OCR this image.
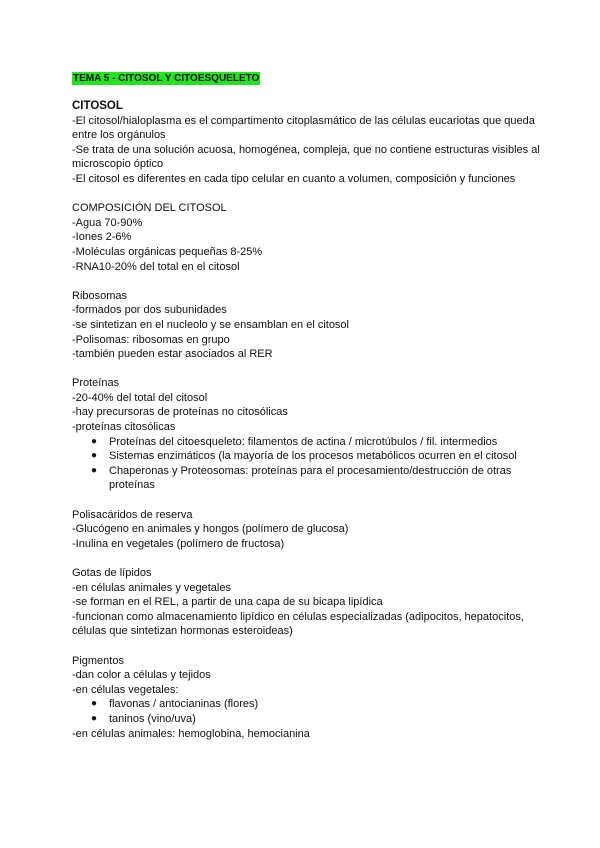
TEMA 5 - CITOSOL Y CITOESQUELETO
CITOSOL
-El citosol/hialoplasma es el compartimento citoplasmático de las células eucariotas que queda entre los orgánulos
-Se trata de una solución acuosa, homogénea, compleja, que no contiene estructuras visibles al microscopio óptico
-El citosol es diferentes en cada tipo celular en cuanto a volumen, composición y funciones
COMPOSICIÓN DEL CITOSOL
-Agua 70-90%
-Iones 2-6%
-Moléculas orgánicas pequeñas 8-25%
-RNA10-20% del total en el citosol
Ribosomas
-formados por dos subunidades
-se sintetizan en el nucleolo y se ensamblan en el citosol
-Polisomas: ribosomas en grupo
-también pueden estar asociados al RER
Proteínas
-20-40% del total del citosol
-hay precursoras de proteínas no citosólicas
-proteínas citosólicas
● Proteínas del citoesqueleto: filamentos de actina / microtúbulos / fil. intermedios
● Sistemas enzimáticos (la mayoría de los procesos metabólicos ocurren en el citosol
● Chaperonas y Proteosomas: proteínas para el procesamiento/destrucción de otras proteínas
Polisacáridos de reserva
-Glucógeno en animales y hongos (polímero de glucosa)
-Inulina en vegetales (polímero de fructosa)
Gotas de lípidos
-en células animales y vegetales
-se forman en el REL, a partir de una capa de su bicapa lipídica
-funcionan como almacenamiento lipídico en células especializadas (adipocitos, hepatocitos, células que sintetizan hormonas esteroideas)
Pigmentos
-dan color a células y tejidos
-en células vegetales:
● flavonas / antocianinas (flores)
● taninos (vino/uva)
-en células animales: hemoglobina, hemocianina
